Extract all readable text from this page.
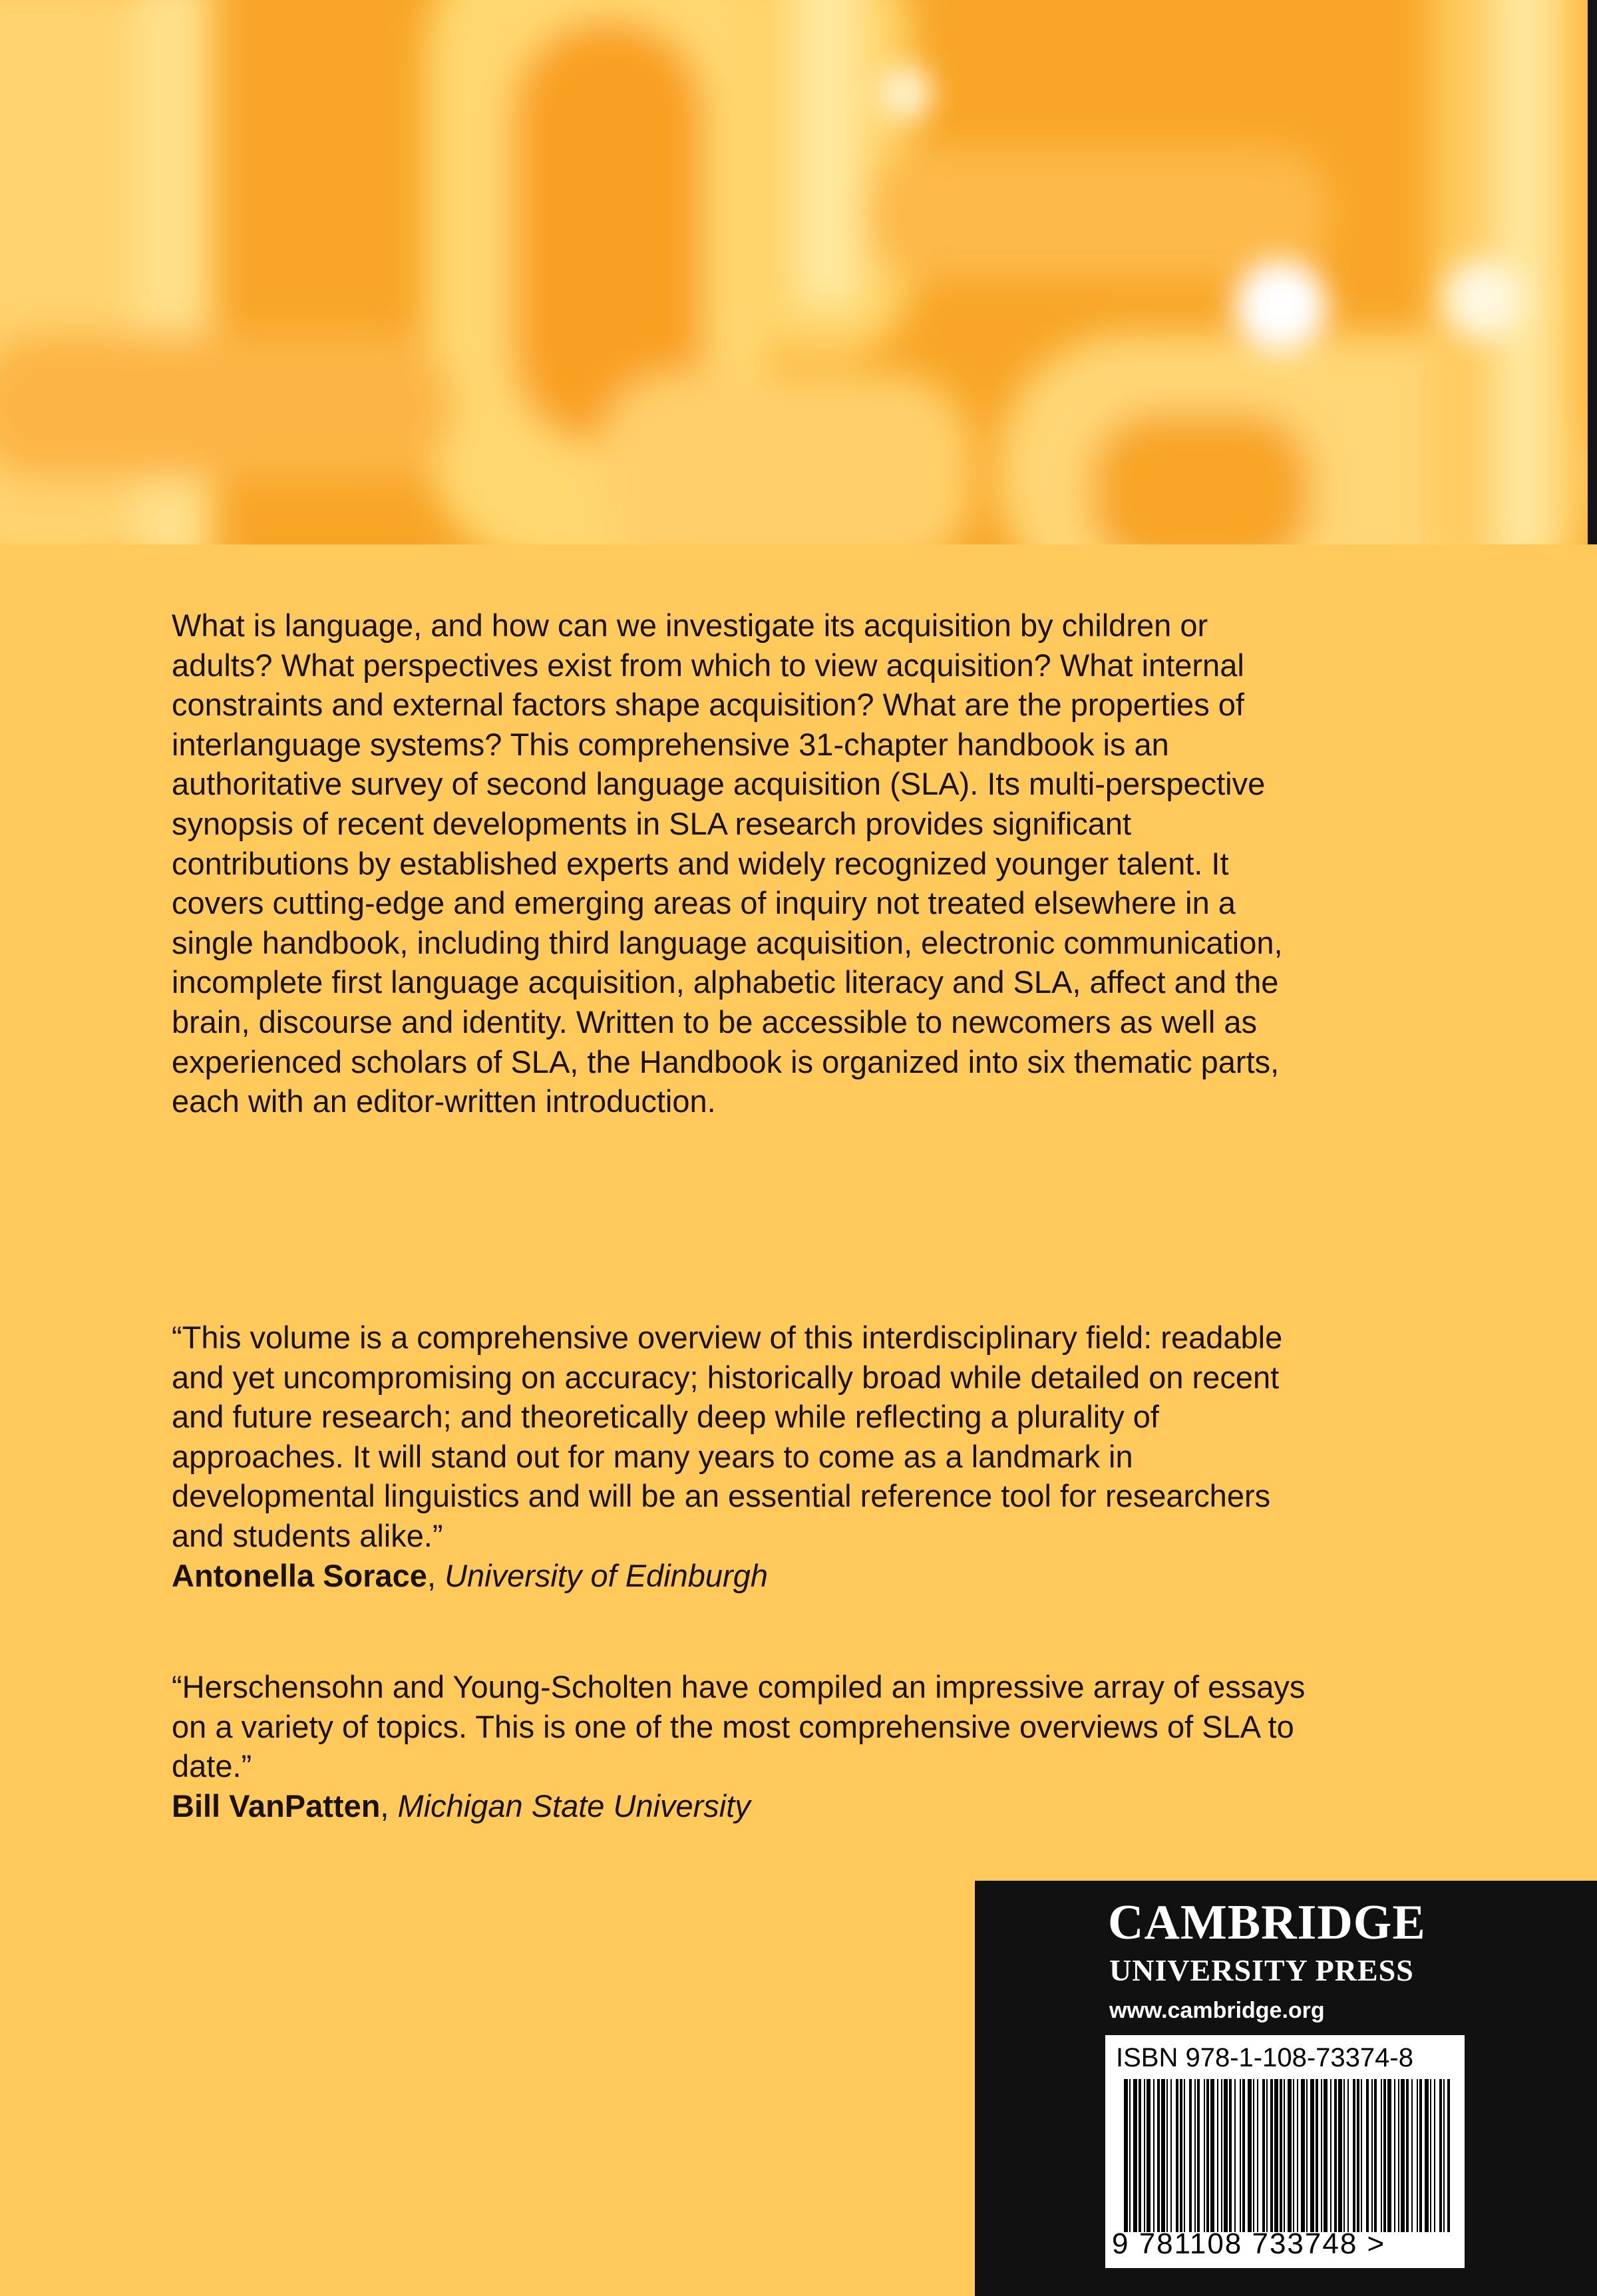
What is language, and how can we investigate its acquisition by children or adults? What perspectives exist from which to view acquisition? What internal constraints and external factors shape acquisition? What are the properties of interlanguage systems? This comprehensive 31-chapter handbook is an authoritative survey of second language acquisition (SLA). Its multi-perspective synopsis of recent developments in SLA research provides significant contributions by established experts and widely recognized younger talent. It covers cutting-edge and emerging areas of inquiry not treated elsewhere in a single handbook, including third language acquisition, electronic communication, incomplete first language acquisition, alphabetic literacy and SLA, affect and the brain, discourse and identity. Written to be accessible to newcomers as well as experienced scholars of SLA, the Handbook is organized into six thematic parts, each with an editor-written introduction.

“This volume is a comprehensive overview of this interdisciplinary field: readable and yet uncompromising on accuracy; historically broad while detailed on recent and future research; and theoretically deep while reflecting a plurality of approaches. It will stand out for many years to come as a landmark in developmental linguistics and will be an essential reference tool for researchers and students alike.”
Antonella Sorace, University of Edinburgh
“Herschensohn and Young-Scholten have compiled an impressive array of essays on a variety of topics. This is one of the most comprehensive overviews of SLA to date.”
Bill VanPatten, Michigan State University

CAMBRIDGE

UNIVERSITY PRESS

www.cambridge.org

ISBN 978-1-108-73374-8

9 781108 733748 >
